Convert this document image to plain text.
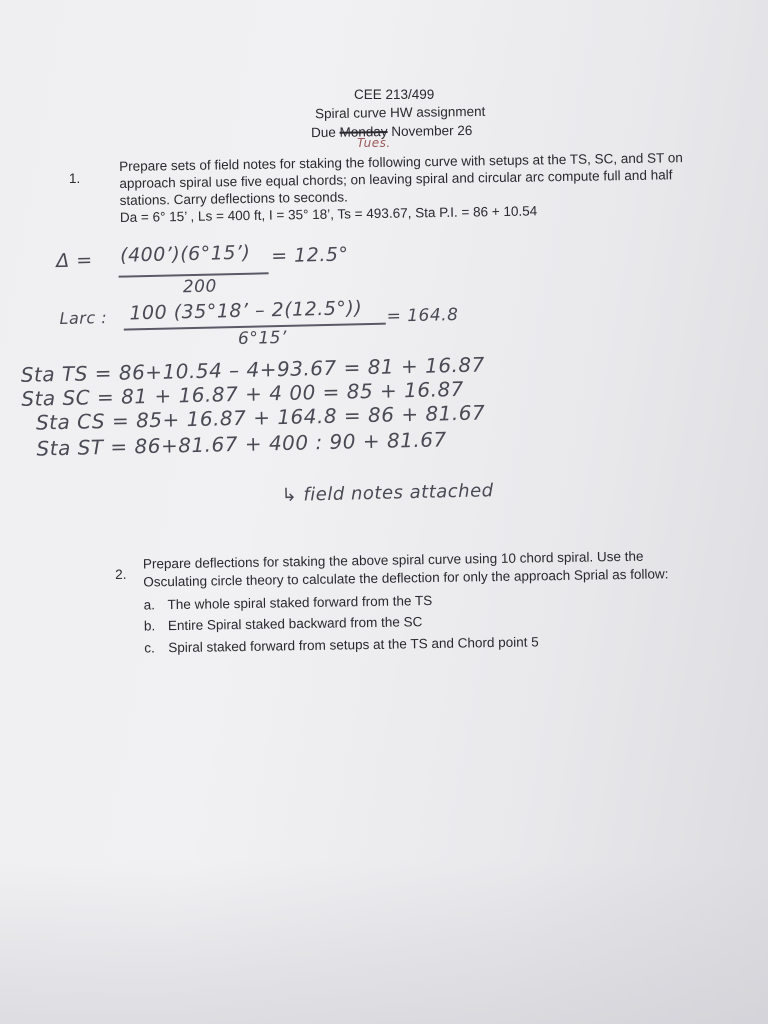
CEE 213/499
Spiral curve HW assignment
Due Monday November 26
Tues.
1.
Prepare sets of field notes for staking the following curve with setups at the TS, SC, and ST on
approach spiral use five equal chords; on leaving spiral and circular arc compute full and half
stations. Carry deflections to seconds.
Da = 6° 15’ , Ls = 400 ft, I = 35° 18’, Ts = 493.67, Sta P.I. = 86 + 10.54
Δ = (400’)(6°15’) = 12.5°
200
Larc : 100 (35°18’ – 2(12.5°)) = 164.8
6°15’
Sta TS = 86+10.54 – 4+93.67 = 81 + 16.87
Sta SC = 81 + 16.87 + 4 00 = 85 + 16.87
Sta CS = 85+ 16.87 + 164.8 = 86 + 81.67
Sta ST = 86+81.67 + 400 : 90 + 81.67
↳ field notes attached
2.
Prepare deflections for staking the above spiral curve using 10 chord spiral. Use the
Osculating circle theory to calculate the deflection for only the approach Sprial as follow:
a. The whole spiral staked forward from the TS
b. Entire Spiral staked backward from the SC
c. Spiral staked forward from setups at the TS and Chord point 5
